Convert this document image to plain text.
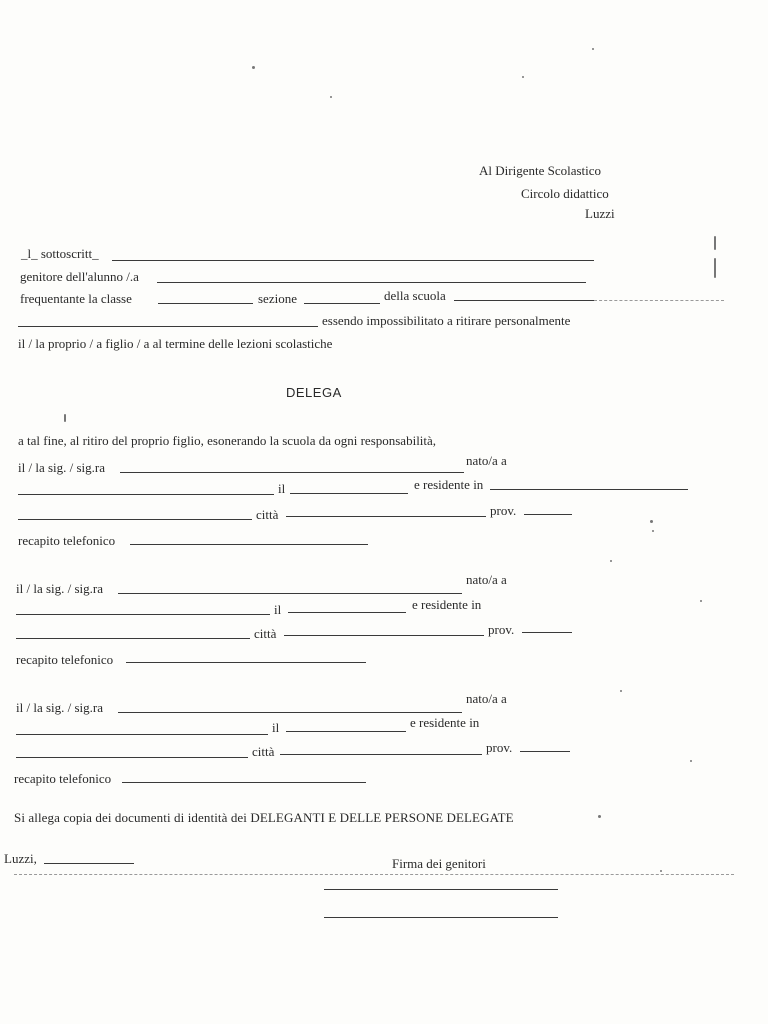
Al Dirigente Scolastico
Circolo didattico
Luzzi
_l_ sottoscritt_
genitore dell'alunno /.a
frequentante la classe	sezione	della scuola
essendo impossibilitato a ritirare personalmente
il / la proprio / a figlio / a al termine delle lezioni scolastiche
DELEGA
a tal fine, al ritiro del proprio figlio, esonerando la scuola da ogni responsabilità,
il / la sig. / sig.ra	nato/a a
il	e residente in
città	prov.
recapito telefonico
il / la sig. / sig.ra
nato/a a
il	e residente in
città	prov.
recapito telefonico
il / la sig. / sig.ra
nato/a a
il	e residente in
città	prov.
recapito telefonico
Si allega copia dei documenti di identità dei DELEGANTI E DELLE PERSONE DELEGATE
Luzzi,	Firma dei genitori
